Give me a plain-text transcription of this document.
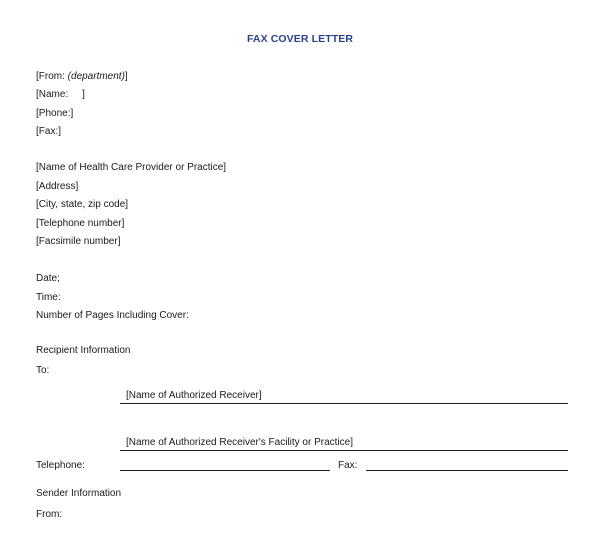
FAX COVER LETTER
[From: (department)]
[Name:     ]
[Phone:]
[Fax:]
[Name of Health Care Provider or Practice]
[Address]
[City, state, zip code]
[Telephone number]
[Facsimile number]
Date;
Time:
Number of Pages Including Cover:
Recipient Information
To:
[Name of Authorized Receiver]
[Name of Authorized Receiver's Facility or Practice]
Telephone:	Fax:
Sender Information
From:
